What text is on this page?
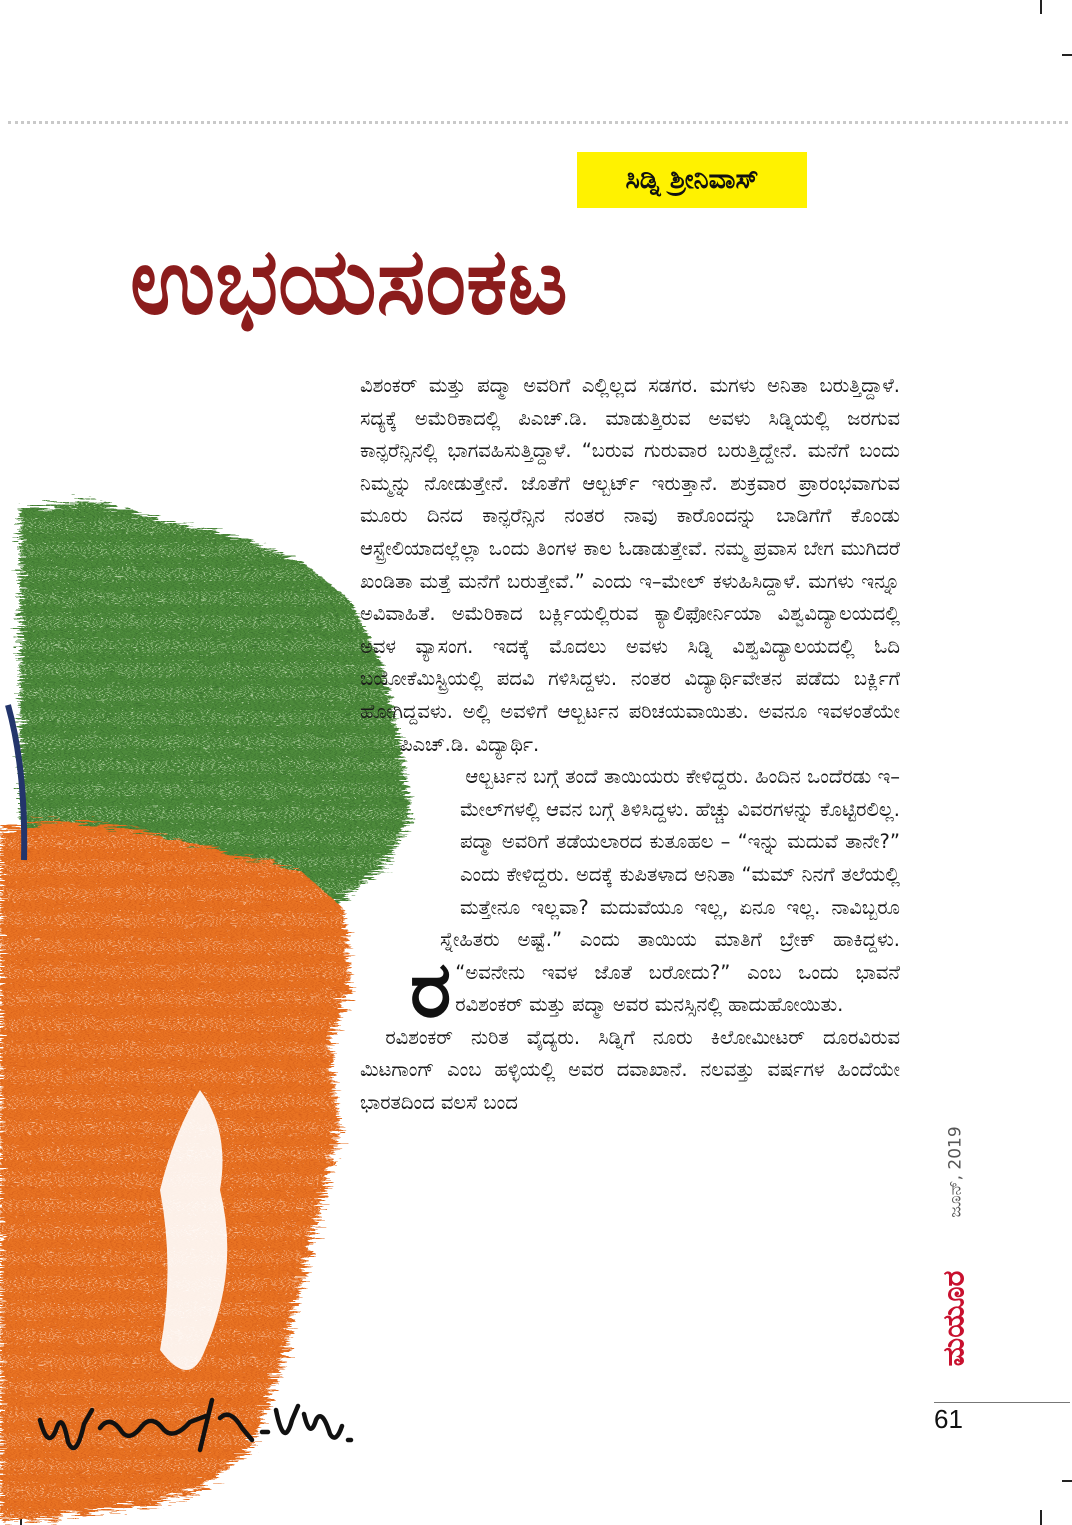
ಸಿಡ್ನಿ ಶ್ರೀನಿವಾಸ್
ಉಭಯಸಂಕಟ

ರ
ವಿಶಂಕರ್ ಮತ್ತು ಪದ್ಮಾ ಅವರಿಗೆ ಎಲ್ಲಿಲ್ಲದ ಸಡಗರ. ಮಗಳು ಅನಿತಾ ಬರುತ್ತಿದ್ದಾಳೆ. ಸದ್ಯಕ್ಕೆ ಅಮೆರಿಕಾದಲ್ಲಿ ಪಿಎಚ್.ಡಿ. ಮಾಡುತ್ತಿರುವ ಅವಳು ಸಿಡ್ನಿಯಲ್ಲಿ ಜರಗುವ ಕಾನ್ಫರೆನ್ಸಿನಲ್ಲಿ ಭಾಗವಹಿಸುತ್ತಿದ್ದಾಳೆ. “ಬರುವ ಗುರುವಾರ ಬರುತ್ತಿದ್ದೇನೆ. ಮನೆಗೆ ಬಂದು ನಿಮ್ಮನ್ನು ನೋಡುತ್ತೇನೆ. ಜೊತೆಗೆ ಆಲ್ಬರ್ಟ್ ಇರುತ್ತಾನೆ. ಶುಕ್ರವಾರ ಪ್ರಾರಂಭವಾಗುವ ಮೂರು ದಿನದ ಕಾನ್ಫರೆನ್ಸಿನ ನಂತರ ನಾವು ಕಾರೊಂದನ್ನು ಬಾಡಿಗೆಗೆ ಕೊಂಡು ಆಸ್ಟ್ರೇಲಿಯಾದಲ್ಲೆಲ್ಲಾ ಒಂದು ತಿಂಗಳ ಕಾಲ ಓಡಾಡುತ್ತೇವೆ. ನಮ್ಮ ಪ್ರವಾಸ ಬೇಗ ಮುಗಿದರೆ ಖಂಡಿತಾ ಮತ್ತೆ ಮನೆಗೆ ಬರುತ್ತೇವೆ.” ಎಂದು ಇ–ಮೇಲ್ ಕಳುಹಿಸಿದ್ದಾಳೆ. ಮಗಳು ಇನ್ನೂ ಅವಿವಾಹಿತೆ. ಅಮೆರಿಕಾದ ಬರ್ಕ್ಲಿಯಲ್ಲಿರುವ ಕ್ಯಾಲಿಫೋರ್ನಿಯಾ ವಿಶ್ವವಿದ್ಯಾಲಯದಲ್ಲಿ ಅವಳ ವ್ಯಾಸಂಗ. ಇದಕ್ಕೆ ಮೊದಲು ಅವಳು ಸಿಡ್ನಿ ವಿಶ್ವವಿದ್ಯಾಲಯದಲ್ಲಿ ಓದಿ ಬಯೋಕೆಮಿಸ್ಟ್ರಿಯಲ್ಲಿ ಪದವಿ ಗಳಿಸಿದ್ದಳು. ನಂತರ ವಿದ್ಯಾರ್ಥಿವೇತನ ಪಡೆದು ಬರ್ಕ್ಲಿಗೆ ಹೋಗಿದ್ದವಳು. ಅಲ್ಲಿ ಅವಳಿಗೆ ಆಲ್ಬರ್ಟನ ಪರಿಚಯವಾಯಿತು. ಅವನೂ ಇವಳಂತೆಯೇ ಪಿಎಚ್.ಡಿ. ವಿದ್ಯಾರ್ಥಿ.

ಆಲ್ಬರ್ಟನ ಬಗ್ಗೆ ತಂದೆ ತಾಯಿಯರು ಕೇಳಿದ್ದರು. ಹಿಂದಿನ ಒಂದೆರಡು ಇ–ಮೇಲ್‌ಗಳಲ್ಲಿ ಆವನ ಬಗ್ಗೆ ತಿಳಿಸಿದ್ದಳು. ಹೆಚ್ಚು ವಿವರಗಳನ್ನು ಕೊಟ್ಟಿರಲಿಲ್ಲ. ಪದ್ಮಾ ಅವರಿಗೆ ತಡೆಯಲಾರದ ಕುತೂಹಲ – “ಇನ್ನು ಮದುವೆ ತಾನೇ?” ಎಂದು ಕೇಳಿದ್ದರು. ಅದಕ್ಕೆ ಕುಪಿತಳಾದ ಅನಿತಾ “ಮಮ್ ನಿನಗೆ ತಲೆಯಲ್ಲಿ ಮತ್ತೇನೂ ಇಲ್ಲವಾ? ಮದುವೆಯೂ ಇಲ್ಲ, ಏನೂ ಇಲ್ಲ. ನಾವಿಬ್ಬರೂ ಸ್ನೇಹಿತರು ಅಷ್ಟೆ.” ಎಂದು ತಾಯಿಯ ಮಾತಿಗೆ ಬ್ರೇಕ್ ಹಾಕಿದ್ದಳು. “ಅವನೇನು ಇವಳ ಜೊತೆ ಬರೋದು?” ಎಂಬ ಒಂದು ಭಾವನೆ ರವಿಶಂಕರ್ ಮತ್ತು ಪದ್ಮಾ ಅವರ ಮನಸ್ಸಿನಲ್ಲಿ ಹಾದುಹೋಯಿತು.

ರವಿಶಂಕರ್ ನುರಿತ ವೈದ್ಯರು. ಸಿಡ್ನಿಗೆ ನೂರು ಕಿಲೋಮೀಟರ್ ದೂರವಿರುವ ಮಿಟಗಾಂಗ್ ಎಂಬ ಹಳ್ಳಿಯಲ್ಲಿ ಅವರ ದವಾಖಾನೆ. ನಲವತ್ತು ವರ್ಷಗಳ ಹಿಂದೆಯೇ ಭಾರತದಿಂದ ವಲಸೆ ಬಂದ

ಜೂನ್, 2019
ಮಯೂರ
61
